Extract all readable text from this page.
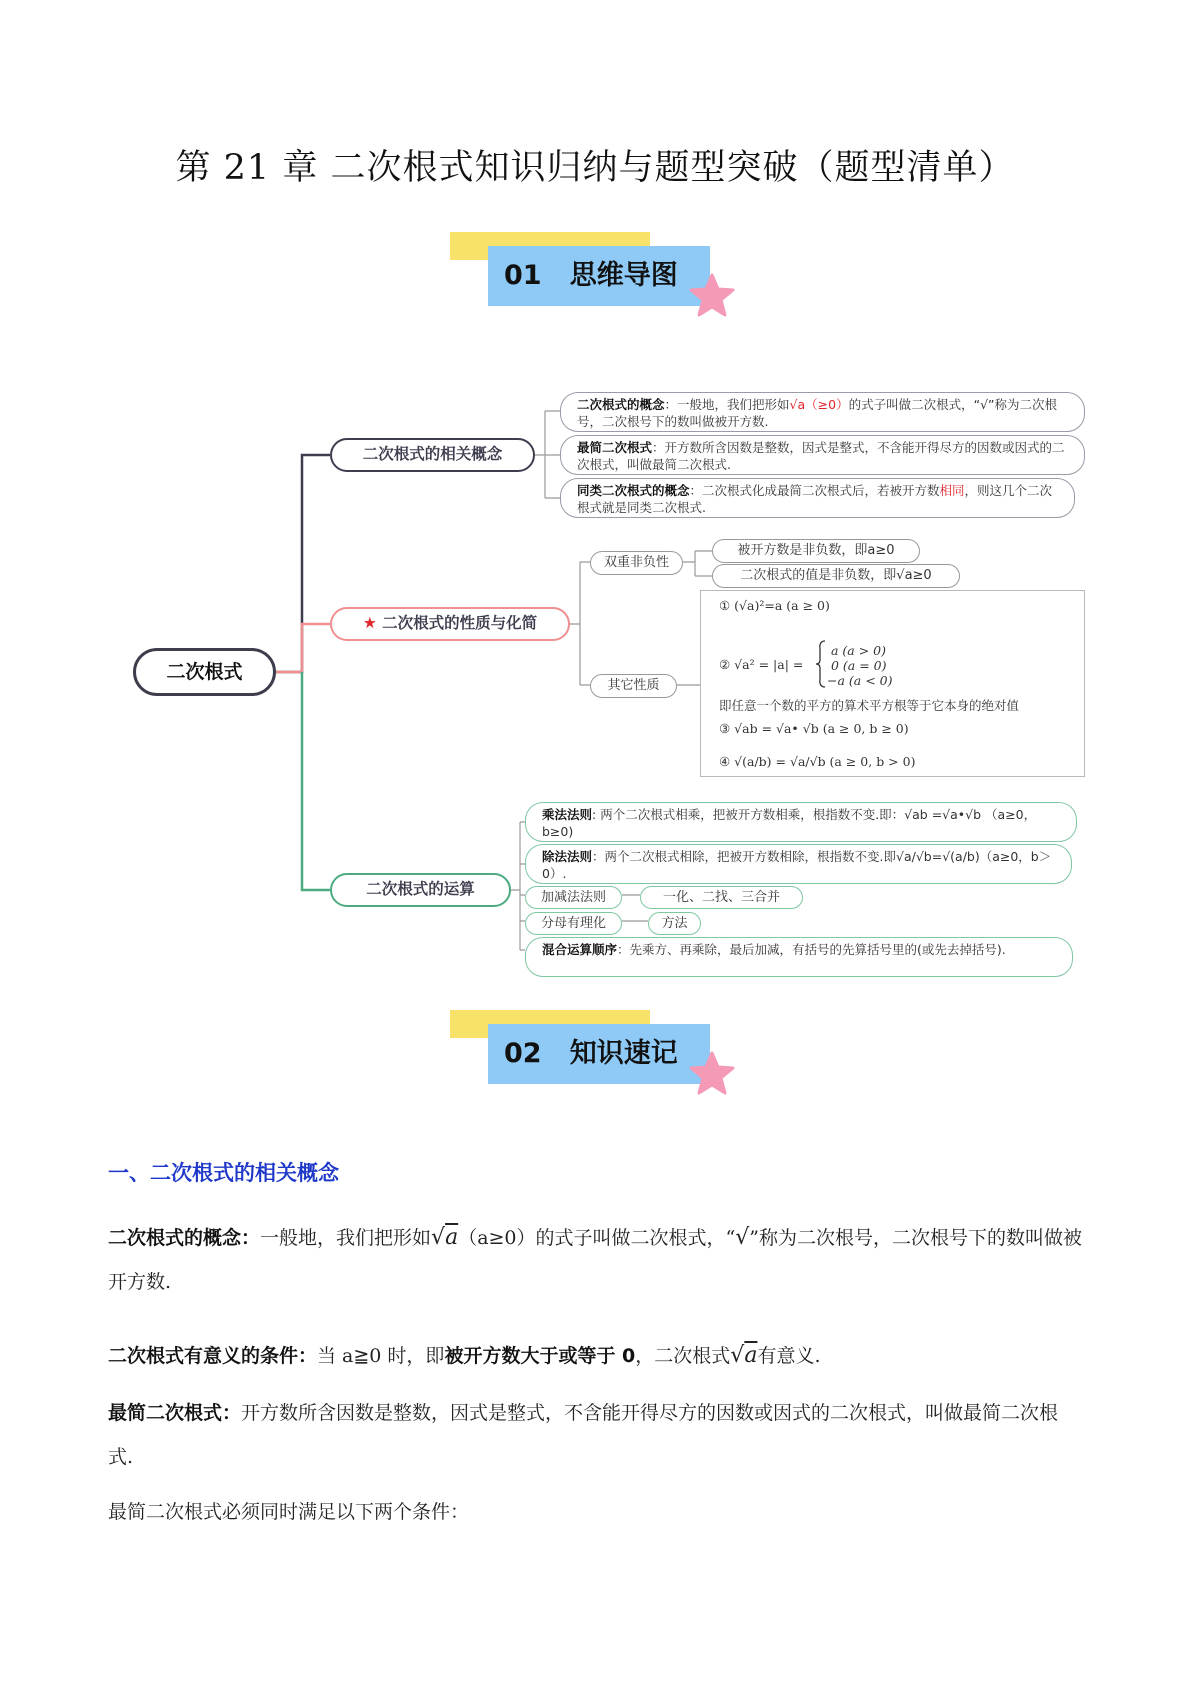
第 21 章 二次根式知识归纳与题型突破（题型清单）
01 思维导图
二次根式
二次根式的相关概念
二次根式的概念：一般地，我们把形如√a（≥0）的式子叫做二次根式，“√”称为二次根号，二次根号下的数叫做被开方数.
最简二次根式：开方数所含因数是整数，因式是整式，不含能开得尽方的因数或因式的二次根式，叫做最简二次根式.
同类二次根式的概念：二次根式化成最简二次根式后，若被开方数相同，则这几个二次根式就是同类二次根式.
★ 二次根式的性质与化简
双重非负性
被开方数是非负数，即a≥0
二次根式的值是非负数，即√a≥0
其它性质
① (√a)²=a (a ≥ 0)
② √a² = |a| =
a (a > 0)
0 (a = 0)
−a (a < 0)
即任意一个数的平方的算术平方根等于它本身的绝对值
③ √ab = √a• √b (a ≥ 0, b ≥ 0)
④ √(a/b) = √a/√b (a ≥ 0, b > 0)
二次根式的运算
乘法法则: 两个二次根式相乘，把被开方数相乘，根指数不变.即：√ab =√a•√b （a≥0，b≥0)
除法法则：两个二次根式相除，把被开方数相除，根指数不变.即√a/√b=√(a/b)（a≥0，b＞0）.
加减法法则	一化、二找、三合并
分母有理化	方法
混合运算顺序：先乘方、再乘除，最后加减，有括号的先算括号里的(或先去掉括号).
02 知识速记
一、二次根式的相关概念
二次根式的概念：一般地，我们把形如√a（a≥0）的式子叫做二次根式，“√”称为二次根号，二次根号下的数叫做被开方数.
二次根式有意义的条件：当 a≧0 时，即被开方数大于或等于 0，二次根式√a有意义.
最简二次根式：开方数所含因数是整数，因式是整式，不含能开得尽方的因数或因式的二次根式，叫做最简二次根式.
最简二次根式必须同时满足以下两个条件：
